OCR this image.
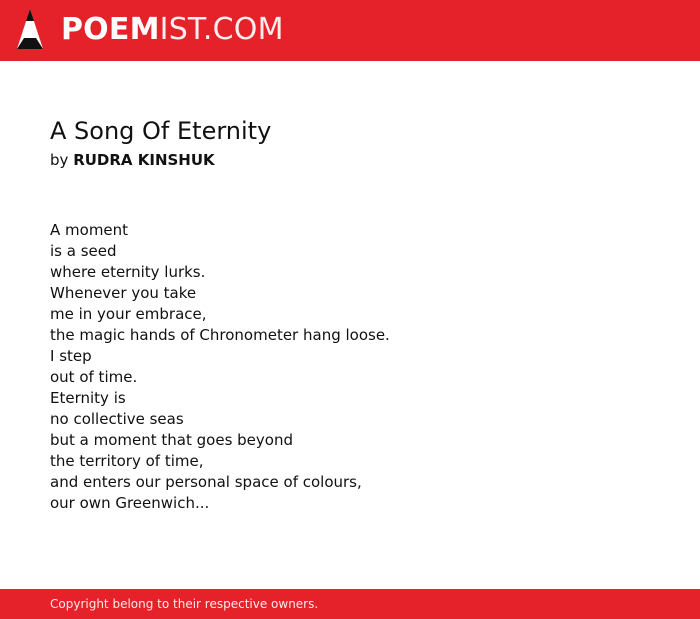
POEMIST.COM
A Song Of Eternity
by RUDRA KINSHUK
A moment
is a seed
where eternity lurks.
Whenever you take
me in your embrace,
the magic hands of Chronometer hang loose.
I step
out of time.
Eternity is
no collective seas
but a moment that goes beyond
the territory of time,
and enters our personal space of colours,
our own Greenwich...
Copyright belong to their respective owners.
